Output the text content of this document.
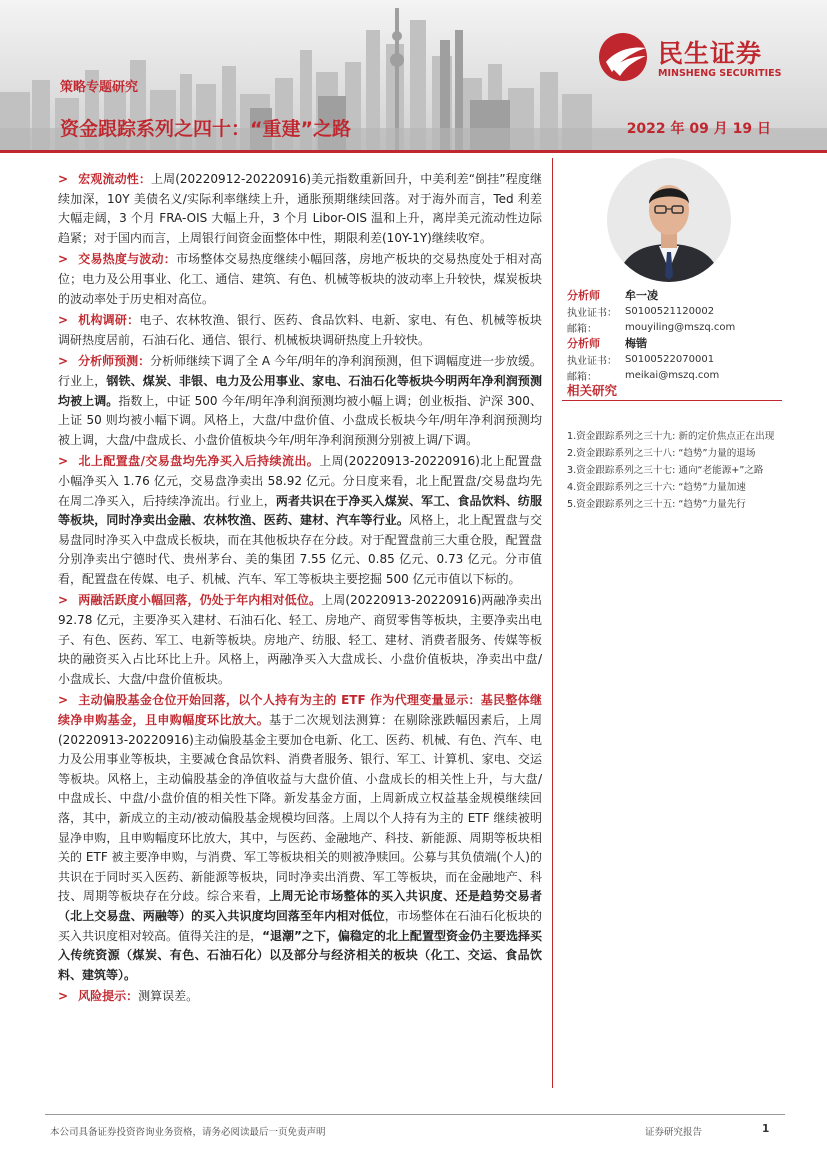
民生证券
MINSHENG SECURITIES
策略专题研究
资金跟踪系列之四十：“重建”之路	2022 年 09 月 19 日

> 宏观流动性：上周(20220912-20220916)美元指数重新回升，中美利差“倒挂”程度继续加深，10Y 美债名义/实际利率继续上升，通胀预期继续回落。对于海外而言，Ted 利差大幅走阔，3 个月 FRA-OIS 大幅上升，3 个月 Libor-OIS 温和上升，离岸美元流动性边际趋紧；对于国内而言，上周银行间资金面整体中性，期限利差(10Y-1Y)继续收窄。

> 交易热度与波动：市场整体交易热度继续小幅回落，房地产板块的交易热度处于相对高位；电力及公用事业、化工、通信、建筑、有色、机械等板块的波动率上升较快，煤炭板块的波动率处于历史相对高位。

> 机构调研：电子、农林牧渔、银行、医药、食品饮料、电新、家电、有色、机械等板块调研热度居前，石油石化、通信、银行、机械板块调研热度上升较快。

> 分析师预测：分析师继续下调了全 A 今年/明年的净利润预测，但下调幅度进一步放缓。行业上，钢铁、煤炭、非银、电力及公用事业、家电、石油石化等板块今明两年净利润预测均被上调。指数上，中证 500 今年/明年净利润预测均被小幅上调；创业板指、沪深 300、上证 50 则均被小幅下调。风格上，大盘/中盘价值、小盘成长板块今年/明年净利润预测均被上调，大盘/中盘成长、小盘价值板块今年/明年净利润预测分别被上调/下调。

> 北上配置盘/交易盘均先净买入后持续流出。上周(20220913-20220916)北上配置盘小幅净买入 1.76 亿元，交易盘净卖出 58.92 亿元。分日度来看，北上配置盘/交易盘均先在周二净买入，后持续净流出。行业上，两者共识在于净买入煤炭、军工、食品饮料、纺服等板块，同时净卖出金融、农林牧渔、医药、建材、汽车等行业。风格上，北上配置盘与交易盘同时净买入中盘成长板块，而在其他板块存在分歧。对于配置盘前三大重仓股，配置盘分别净卖出宁德时代、贵州茅台、美的集团 7.55 亿元、0.85 亿元、0.73 亿元。分市值看，配置盘在传媒、电子、机械、汽车、军工等板块主要挖掘 500 亿元市值以下标的。

> 两融活跃度小幅回落，仍处于年内相对低位。上周(20220913-20220916)两融净卖出 92.78 亿元，主要净买入建材、石油石化、轻工、房地产、商贸零售等板块，主要净卖出电子、有色、医药、军工、电新等板块。房地产、纺服、轻工、建材、消费者服务、传媒等板块的融资买入占比环比上升。风格上，两融净买入大盘成长、小盘价值板块，净卖出中盘/小盘成长、大盘/中盘价值板块。

> 主动偏股基金仓位开始回落，以个人持有为主的 ETF 作为代理变量显示：基民整体继续净申购基金，且申购幅度环比放大。基于二次规划法测算：在剔除涨跌幅因素后，上周(20220913-20220916)主动偏股基金主要加仓电新、化工、医药、机械、有色、汽车、电力及公用事业等板块，主要减仓食品饮料、消费者服务、银行、军工、计算机、家电、交运等板块。风格上，主动偏股基金的净值收益与大盘价值、小盘成长的相关性上升，与大盘/中盘成长、中盘/小盘价值的相关性下降。新发基金方面，上周新成立权益基金规模继续回落，其中，新成立的主动/被动偏股基金规模均回落。上周以个人持有为主的 ETF 继续被明显净申购，且申购幅度环比放大，其中，与医药、金融地产、科技、新能源、周期等板块相关的 ETF 被主要净申购，与消费、军工等板块相关的则被净赎回。公募与其负债端(个人)的共识在于同时买入医药、新能源等板块，同时净卖出消费、军工等板块，而在金融地产、科技、周期等板块存在分歧。综合来看，上周无论市场整体的买入共识度、还是趋势交易者（北上交易盘、两融等）的买入共识度均回落至年内相对低位，市场整体在石油石化板块的买入共识度相对较高。值得关注的是，“退潮”之下，偏稳定的北上配置型资金仍主要选择买入传统资源（煤炭、有色、石油石化）以及部分与经济相关的板块（化工、交运、食品饮料、建筑等）。

> 风险提示：测算误差。

分析师	牟一凌
执业证书： S0100521120002
邮箱：	mouyiling@mszq.com
分析师	梅锴
执业证书： S0100522070001
邮箱：	meikai@mszq.com
相关研究
1.资金跟踪系列之三十九: 新的定价焦点正在出现
2.资金跟踪系列之三十八: “趋势”力量的退场
3.资金跟踪系列之三十七: 通向“老能源+”之路
4.资金跟踪系列之三十六: “趋势”力量加速
5.资金跟踪系列之三十五: “趋势”力量先行
本公司具备证券投资咨询业务资格，请务必阅读最后一页免责声明	证券研究报告	1
